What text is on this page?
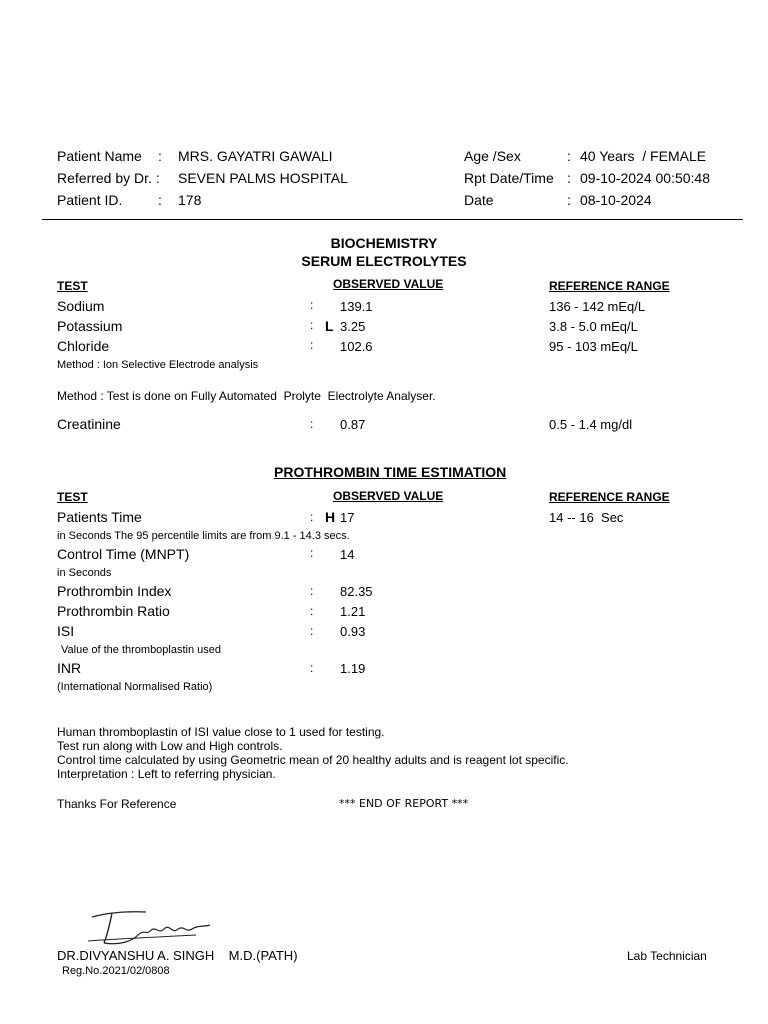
Patient Name : MRS. GAYATRI GAWALI
Referred by Dr. : SEVEN PALMS HOSPITAL
Patient ID.	: 178
Age /Sex	: 40 Years  / FEMALE
Rpt Date/Time : 09-10-2024 00:50:48
Date	: 08-10-2024
BIOCHEMISTRY
SERUM ELECTROLYTES
TEST	OBSERVED VALUE	REFERENCE RANGE
Sodium	: 139.1	136 - 142 mEq/L
Potassium	: L 3.25	3.8 - 5.0 mEq/L
Chloride	: 102.6	95 - 103 mEq/L
Method : Ion Selective Electrode analysis
Method : Test is done on Fully Automated  Prolyte  Electrolyte Analyser.
Creatinine	: 0.87	0.5 - 1.4 mg/dl
PROTHROMBIN TIME ESTIMATION
TEST	OBSERVED VALUE	REFERENCE RANGE
Patients Time	: H 17	14 -- 16  Sec
in Seconds The 95 percentile limits are from 9.1 - 14.3 secs.
Control Time (MNPT)	: 14
in Seconds
Prothrombin Index	: 82.35
Prothrombin Ratio	: 1.21
ISI	: 0.93
Value of the thromboplastin used
INR	: 1.19
(International Normalised Ratio)
Human thromboplastin of ISI value close to 1 used for testing.
Test run along with Low and High controls.
Control time calculated by using Geometric mean of 20 healthy adults and is reagent lot specific.
Interpretation : Left to referring physician.
Thanks For Reference	*** END OF REPORT ***
DR.DIVYANSHU A. SINGH    M.D.(PATH)
Reg.No.2021/02/0808
Lab Technician
